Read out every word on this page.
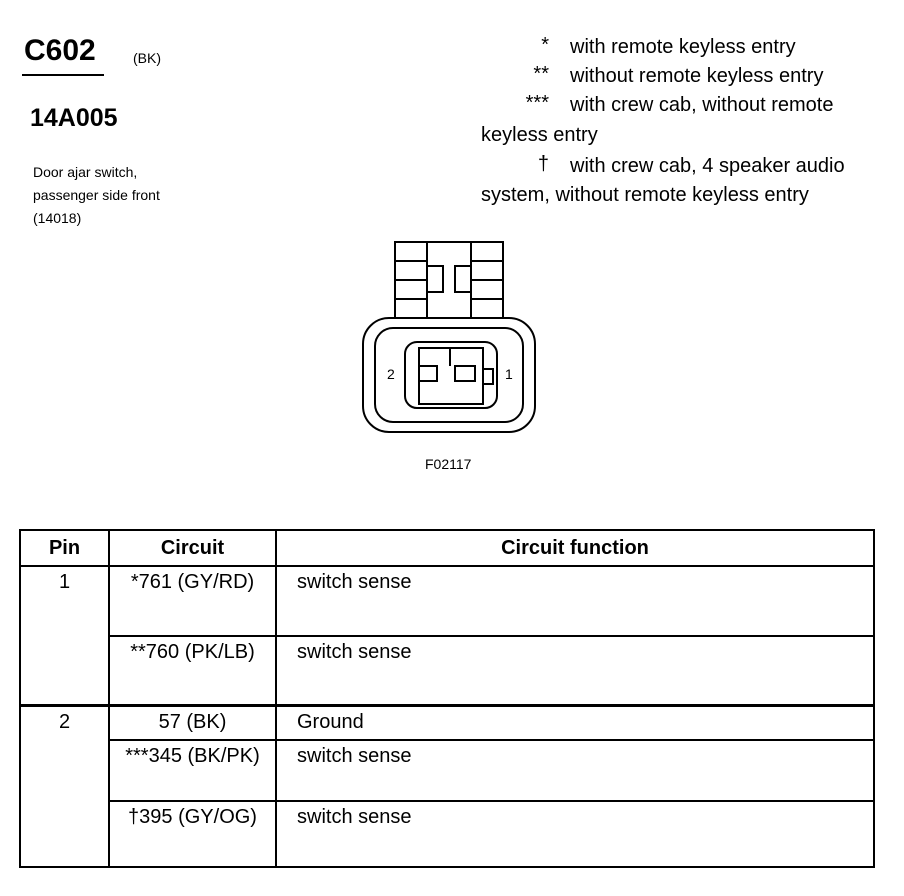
C602	(BK)
14A005
Door ajar switch,
passenger side front
(14018)
* with remote keyless entry
** without remote keyless entry
*** with crew cab, without remote
keyless entry
† with crew cab, 4 speaker audio
system, without remote keyless entry
2	1
F02117
Pin	Circuit	Circuit function
1	*761 (GY/RD)	switch sense
	**760 (PK/LB)	switch sense
2	57 (BK)	Ground
	***345 (BK/PK)	switch sense
	†395 (GY/OG)	switch sense
